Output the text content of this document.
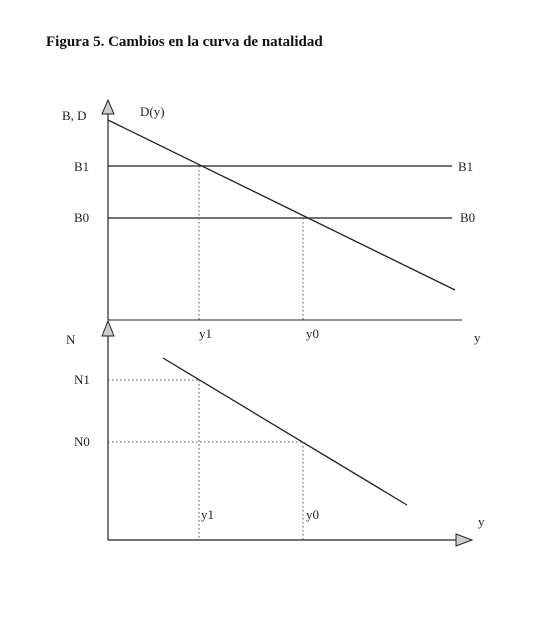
Figura 5. Cambios en la curva de natalidad
B, D	D(y)
B1	B1
B0	B0
y1	y0	y
N
N1
N0
y1	y0	y
